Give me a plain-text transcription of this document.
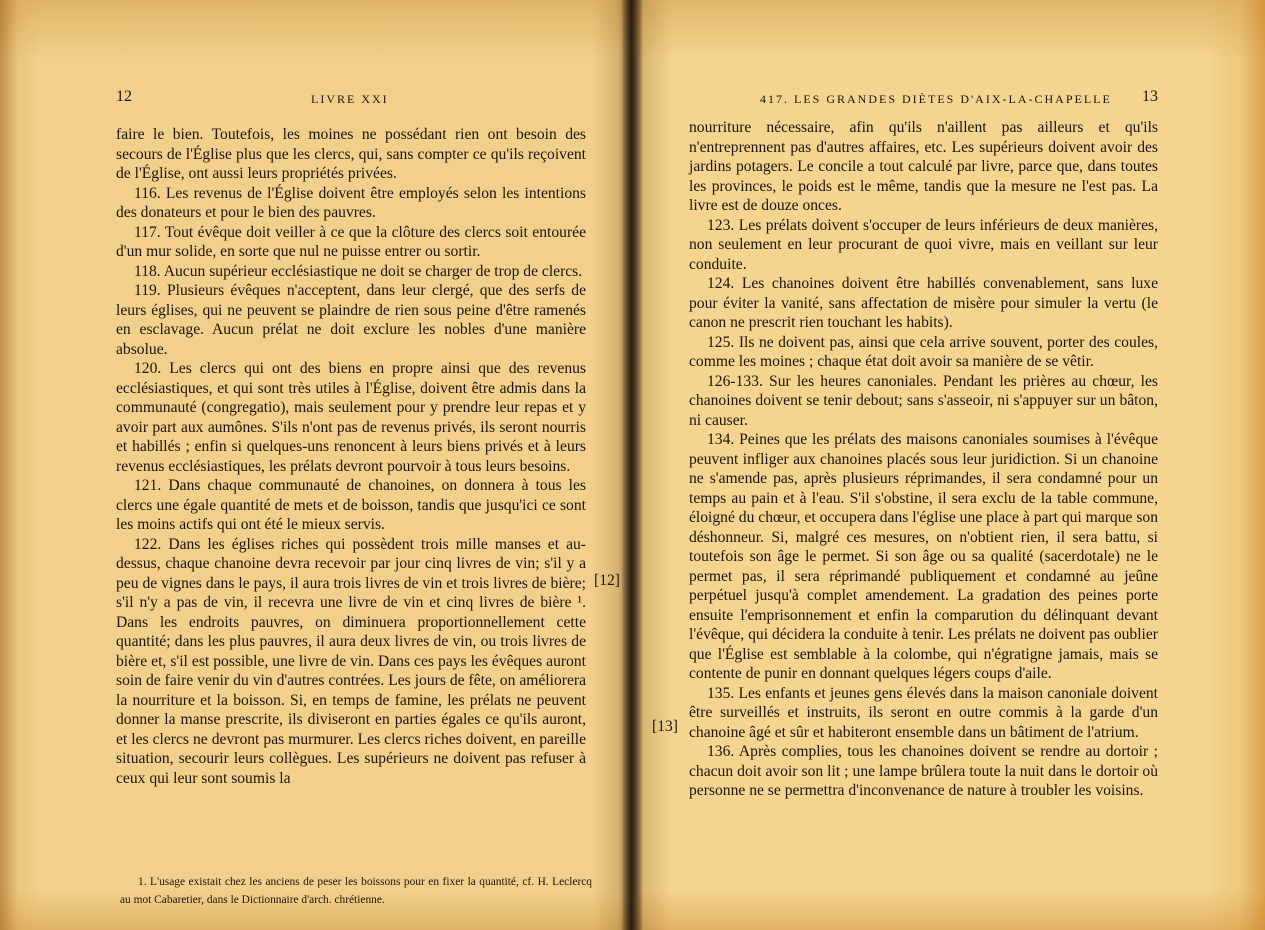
12	LIVRE XXI

faire le bien. Toutefois, les moines ne possédant rien ont besoin des secours de l'Église plus que les clercs, qui, sans compter ce qu'ils reçoivent de l'Église, ont aussi leurs propriétés privées.

116. Les revenus de l'Église doivent être employés selon les intentions des donateurs et pour le bien des pauvres.

117. Tout évêque doit veiller à ce que la clôture des clercs soit entourée d'un mur solide, en sorte que nul ne puisse entrer ou sortir.

118. Aucun supérieur ecclésiastique ne doit se charger de trop de clercs.

119. Plusieurs évêques n'acceptent, dans leur clergé, que des serfs de leurs églises, qui ne peuvent se plaindre de rien sous peine d'être ramenés en esclavage. Aucun prélat ne doit exclure les nobles d'une manière absolue.

120. Les clercs qui ont des biens en propre ainsi que des revenus ecclésiastiques, et qui sont très utiles à l'Église, doivent être admis dans la communauté (congregatio), mais seulement pour y prendre leur repas et y avoir part aux aumônes. S'ils n'ont pas de revenus privés, ils seront nourris et habillés ; enfin si quelques-uns renoncent à leurs biens privés et à leurs revenus ecclésiastiques, les prélats devront pourvoir à tous leurs besoins.

121. Dans chaque communauté de chanoines, on donnera à tous les clercs une égale quantité de mets et de boisson, tandis que jusqu'ici ce sont les moins actifs qui ont été le mieux servis.

122. Dans les églises riches qui possèdent trois mille manses et au-dessus, chaque chanoine devra recevoir par jour cinq livres de vin; s'il y a peu de vignes dans le pays, il aura trois livres de vin et trois livres de bière; s'il n'y a pas de vin, il recevra une livre de vin et cinq livres de bière ¹. Dans les endroits pauvres, on diminuera proportionnellement cette quantité; dans les plus pauvres, il aura deux livres de vin, ou trois livres de bière et, s'il est possible, une livre de vin. Dans ces pays les évêques auront soin de faire venir du vin d'autres contrées. Les jours de fête, on améliorera la nourriture et la boisson. Si, en temps de famine, les prélats ne peuvent donner la manse prescrite, ils diviseront en parties égales ce qu'ils auront, et les clercs ne devront pas murmurer. Les clercs riches doivent, en pareille situation, secourir leurs collègues. Les supérieurs ne doivent pas refuser à ceux qui leur sont soumis la

[12]

1. L'usage existait chez les anciens de peser les boissons pour en fixer la quantité, cf. H. Leclercq au mot Cabaretier, dans le Dictionnaire d'arch. chrétienne.

417. LES GRANDES DIÈTES D'AIX-LA-CHAPELLE 13

nourriture nécessaire, afin qu'ils n'aillent pas ailleurs et qu'ils n'entreprennent pas d'autres affaires, etc. Les supérieurs doivent avoir des jardins potagers. Le concile a tout calculé par livre, parce que, dans toutes les provinces, le poids est le même, tandis que la mesure ne l'est pas. La livre est de douze onces.

123. Les prélats doivent s'occuper de leurs inférieurs de deux manières, non seulement en leur procurant de quoi vivre, mais en veillant sur leur conduite.

124. Les chanoines doivent être habillés convenablement, sans luxe pour éviter la vanité, sans affectation de misère pour simuler la vertu (le canon ne prescrit rien touchant les habits).

125. Ils ne doivent pas, ainsi que cela arrive souvent, porter des coules, comme les moines ; chaque état doit avoir sa manière de se vêtir.

126-133. Sur les heures canoniales. Pendant les prières au chœur, les chanoines doivent se tenir debout; sans s'asseoir, ni s'appuyer sur un bâton, ni causer.

134. Peines que les prélats des maisons canoniales soumises à l'évêque peuvent infliger aux chanoines placés sous leur juridiction. Si un chanoine ne s'amende pas, après plusieurs réprimandes, il sera condamné pour un temps au pain et à l'eau. S'il s'obstine, il sera exclu de la table commune, éloigné du chœur, et occupera dans l'église une place à part qui marque son déshonneur. Si, malgré ces mesures, on n'obtient rien, il sera battu, si toutefois son âge le permet. Si son âge ou sa qualité (sacerdotale) ne le permet pas, il sera réprimandé publiquement et condamné au jeûne perpétuel jusqu'à complet amendement. La gradation des peines porte ensuite l'emprisonnement et enfin la comparution du délinquant devant l'évêque, qui décidera la conduite à tenir. Les prélats ne doivent pas oublier que l'Église est semblable à la colombe, qui n'égratigne jamais, mais se contente de punir en donnant quelques légers coups d'aile.

135. Les enfants et jeunes gens élevés dans la maison canoniale doivent être surveillés et instruits, ils seront en outre commis à la garde d'un chanoine âgé et sûr et habiteront ensemble dans un bâtiment de l'atrium.

136. Après complies, tous les chanoines doivent se rendre au dortoir ; chacun doit avoir son lit ; une lampe brûlera toute la nuit dans le dortoir où personne ne se permettra d'inconvenance de nature à troubler les voisins.

[13]
